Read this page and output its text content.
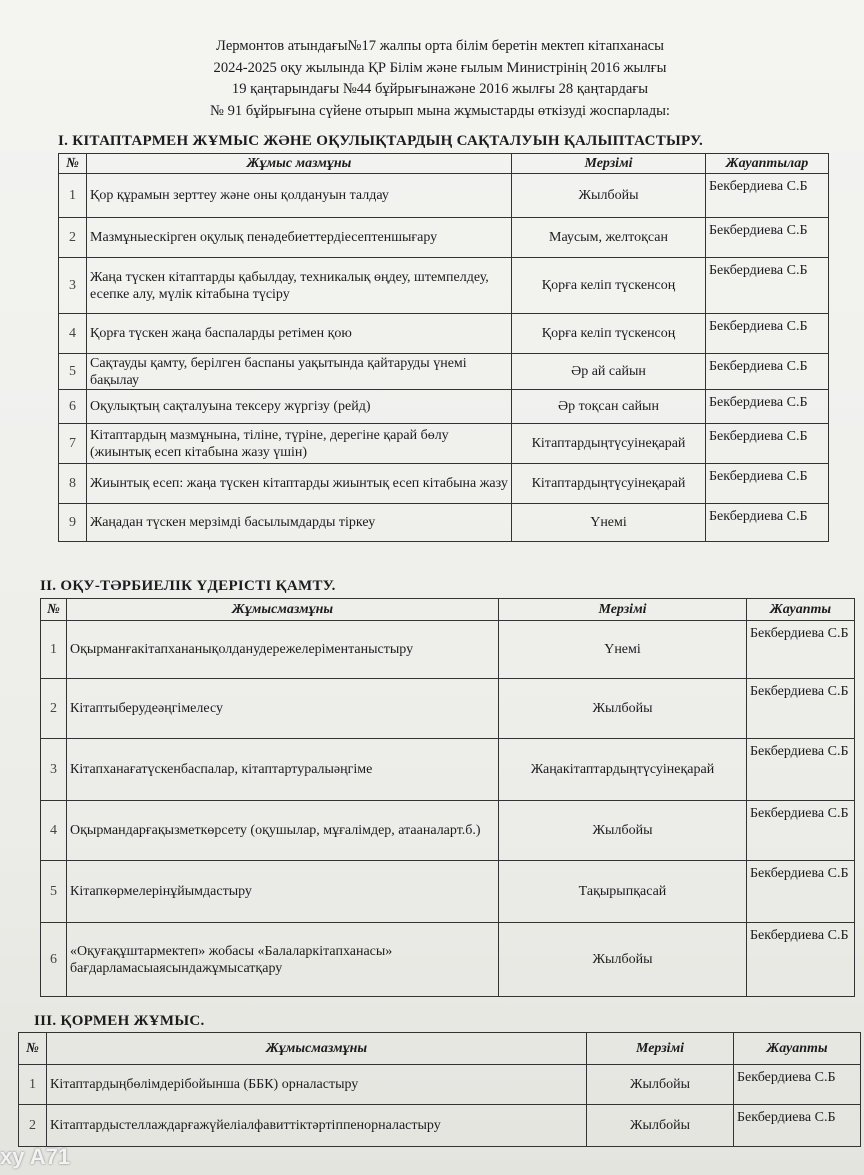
Лермонтов атындағы№17 жалпы орта білім беретін мектеп кітапханасы
2024-2025 оқу жылында ҚР Білім және ғылым Министрінің 2016 жылғы
19 қаңтарындағы №44 бұйрығынажәне 2016 жылғы 28 қаңтардағы
№ 91 бұйрығына сүйене отырып мына жұмыстарды өткізуді жоспарлады:
I. КІТАПТАРМЕН ЖҰМЫС ЖӘНЕ ОҚУЛЫҚТАРДЫҢ САҚТАЛУЫН ҚАЛЫПТАСТЫРУ.
№	Жұмыс мазмұны	Мерзімі	Жауаптылар
1	Қор құрамын зерттеу және оны қолдануын талдау	Жылбойы	Бекбердиева С.Б
2	Мазмұныескірген оқулық пенәдебиеттердіесептеншығару	Маусым, желтоқсан	Бекбердиева С.Б
3	Жаңа түскен кітаптарды қабылдау, техникалық өңдеу, штемпелдеу, есепке алу, мүлік кітабына түсіру	Қорға келіп түскенсоң	Бекбердиева С.Б
4	Қорға түскен жаңа баспаларды ретімен қою	Қорға келіп түскенсоң	Бекбердиева С.Б
5	Сақтауды қамту, берілген баспаны уақытында қайтаруды үнемі бақылау	Әр ай сайын	Бекбердиева С.Б
6	Оқулықтың сақталуына тексеру жүргізу (рейд)	Әр тоқсан сайын	Бекбердиева С.Б
7	Кітаптардың мазмұнына, тіліне, түріне, дерегіне қарай бөлу (жиынтық есеп кітабына жазу үшін)	Кітаптардыңтүсуінеқарай	Бекбердиева С.Б
8	Жиынтық есеп: жаңа түскен кітаптарды жиынтық есеп кітабына жазу	Кітаптардыңтүсуінеқарай	Бекбердиева С.Б
9	Жаңадан түскен мерзімді басылымдарды тіркеу	Үнемі	Бекбердиева С.Б
II. ОҚУ-ТӘРБИЕЛІК ҮДЕРІСТІ ҚАМТУ.
№	Жұмысмазмұны	Мерзімі	Жауапты
1	Оқырманғакітапхананықолданудережелеріментаныстыру	Үнемі	Бекбердиева С.Б
2	Кітаптыберудеәңгімелесу	Жылбойы	Бекбердиева С.Б
3	Кітапханағатүскенбаспалар, кітаптартуралыәңгіме	Жаңакітаптардыңтүсуінеқарай	Бекбердиева С.Б
4	Оқырмандарғақызметкөрсету (оқушылар, мұғалімдер, атааналарт.б.)	Жылбойы	Бекбердиева С.Б
5	Кітапкөрмелерінұйымдастыру	Тақырыпқасай	Бекбердиева С.Б
6	«Оқуғақұштармектеп» жобасы «Балаларкітапханасы» бағдарламасыаясындажұмысатқару	Жылбойы	Бекбердиева С.Б
III. ҚОРМЕН ЖҰМЫС.
№	Жұмысмазмұны	Мерзімі	Жауапты
1	Кітаптардыңбөлімдерібойынша (ББК) орналастыру	Жылбойы	Бекбердиева С.Б
2	Кітаптардыстеллаждарғажүйеліалфавиттіктәртіппенорналастыру	Жылбойы	Бекбердиева С.Б
xy A71
